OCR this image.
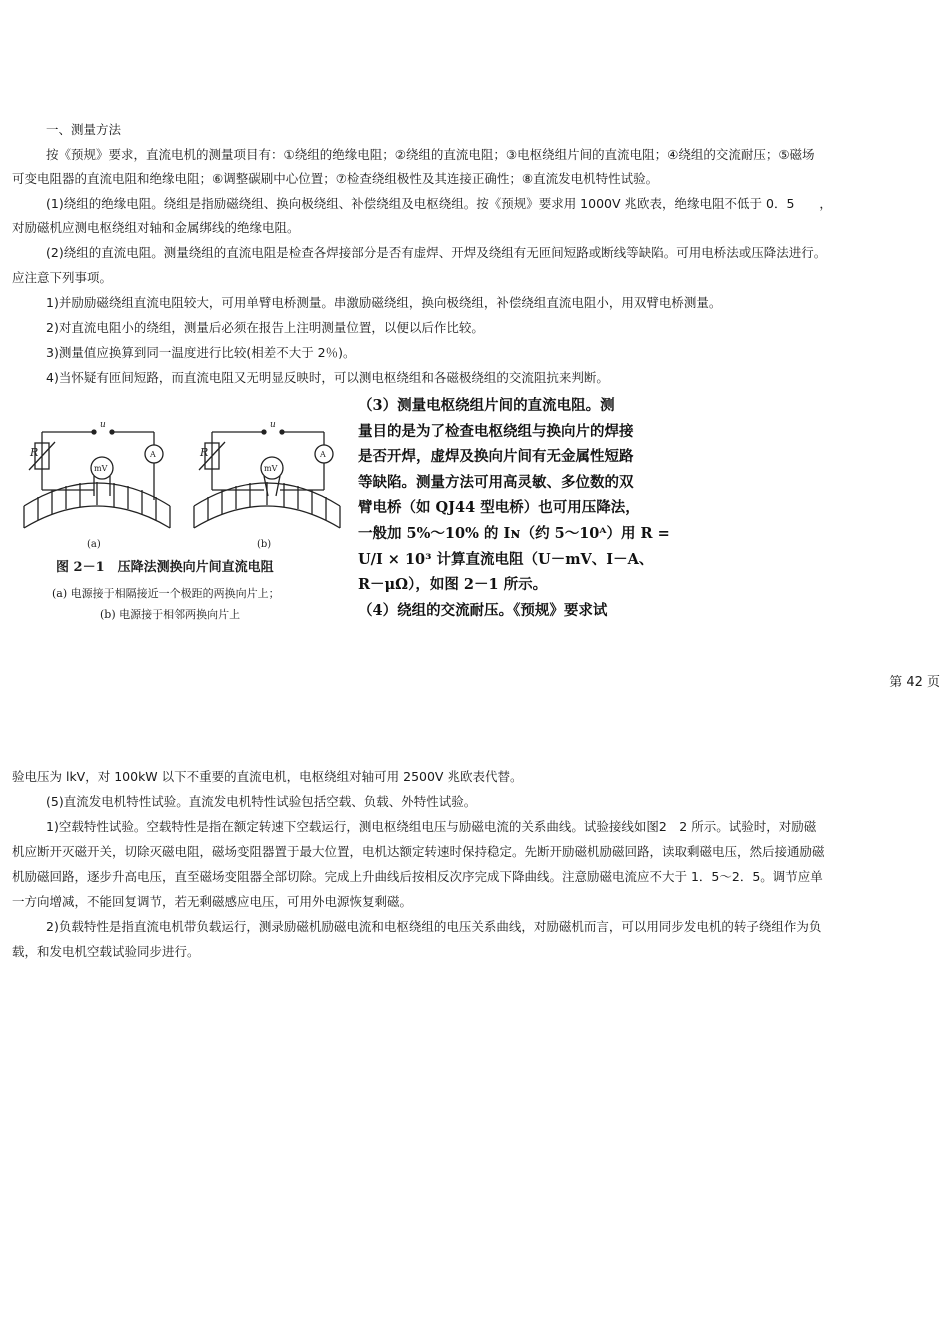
一、测量方法
按《预规》要求，直流电机的测量项目有：①绕组的绝缘电阻；②绕组的直流电阻；③电枢绕组片间的直流电阻；④绕组的交流耐压；⑤磁场
可变电阻器的直流电阻和绝缘电阻；⑥调整碳刷中心位置；⑦检查绕组极性及其连接正确性；⑧直流发电机特性试验。
(1)绕组的绝缘电阻。绕组是指励磁绕组、换向极绕组、补偿绕组及电枢绕组。按《预规》要求用 1000V 兆欧表，绝缘电阻不低于 0．5　　，
对励磁机应测电枢绕组对轴和金属绑线的绝缘电阻。
(2)绕组的直流电阻。测量绕组的直流电阻是检查各焊接部分是否有虚焊、开焊及绕组有无匝间短路或断线等缺陷。可用电桥法或压降法进行。
应注意下列事项。
1)并励励磁绕组直流电阻较大，可用单臂电桥测量。串激励磁绕组，换向极绕组，补偿绕组直流电阻小，用双臂电桥测量。
2)对直流电阻小的绕组，测量后必须在报告上注明测量位置，以便以后作比较。
3)测量值应换算到同一温度进行比较(相差不大于 2％)。
4)当怀疑有匝间短路，而直流电阻又无明显反映时，可以测电枢绕组和各磁极绕组的交流阻抗来判断。
R
u
mV
A
(a)
R
u
mV
A
(b)
图 2－1　压降法测换向片间直流电阻
(a) 电源接于相隔接近一个极距的两换向片上；
(b) 电源接于相邻两换向片上
（3）测量电枢绕组片间的直流电阻。测
量目的是为了检查电枢绕组与换向片的焊接
是否开焊，虚焊及换向片间有无金属性短路
等缺陷。测量方法可用高灵敏、多位数的双
臂电桥（如 QJ44 型电桥）也可用压降法，
一般加 5%～10% 的 Iɴ（约 5～10ᴬ）用 R =
U/I × 10³ 计算直流电阻（U－mV、I－A、
R－μΩ），如图 2－1 所示。
（4）绕组的交流耐压。《预规》要求试
第 42 页
验电压为 lkV，对 100kW 以下不重要的直流电机，电枢绕组对轴可用 2500V 兆欧表代替。
(5)直流发电机特性试验。直流发电机特性试验包括空载、负载、外特性试验。
1)空载特性试验。空载特性是指在额定转速下空载运行，测电枢绕组电压与励磁电流的关系曲线。试验接线如图2　2 所示。试验时，对励磁
机应断开灭磁开关，切除灭磁电阻，磁场变阻器置于最大位置，电机达额定转速时保持稳定。先断开励磁机励磁回路，读取剩磁电压，然后接通励磁
机励磁回路，逐步升高电压，直至磁场变阻器全部切除。完成上升曲线后按相反次序完成下降曲线。注意励磁电流应不大于 1．5～2．5。调节应单
一方向增减，不能回复调节，若无剩磁感应电压，可用外电源恢复剩磁。
2)负载特性是指直流电机带负载运行，测录励磁机励磁电流和电枢绕组的电压关系曲线，对励磁机而言，可以用同步发电机的转子绕组作为负
载，和发电机空载试验同步进行。
